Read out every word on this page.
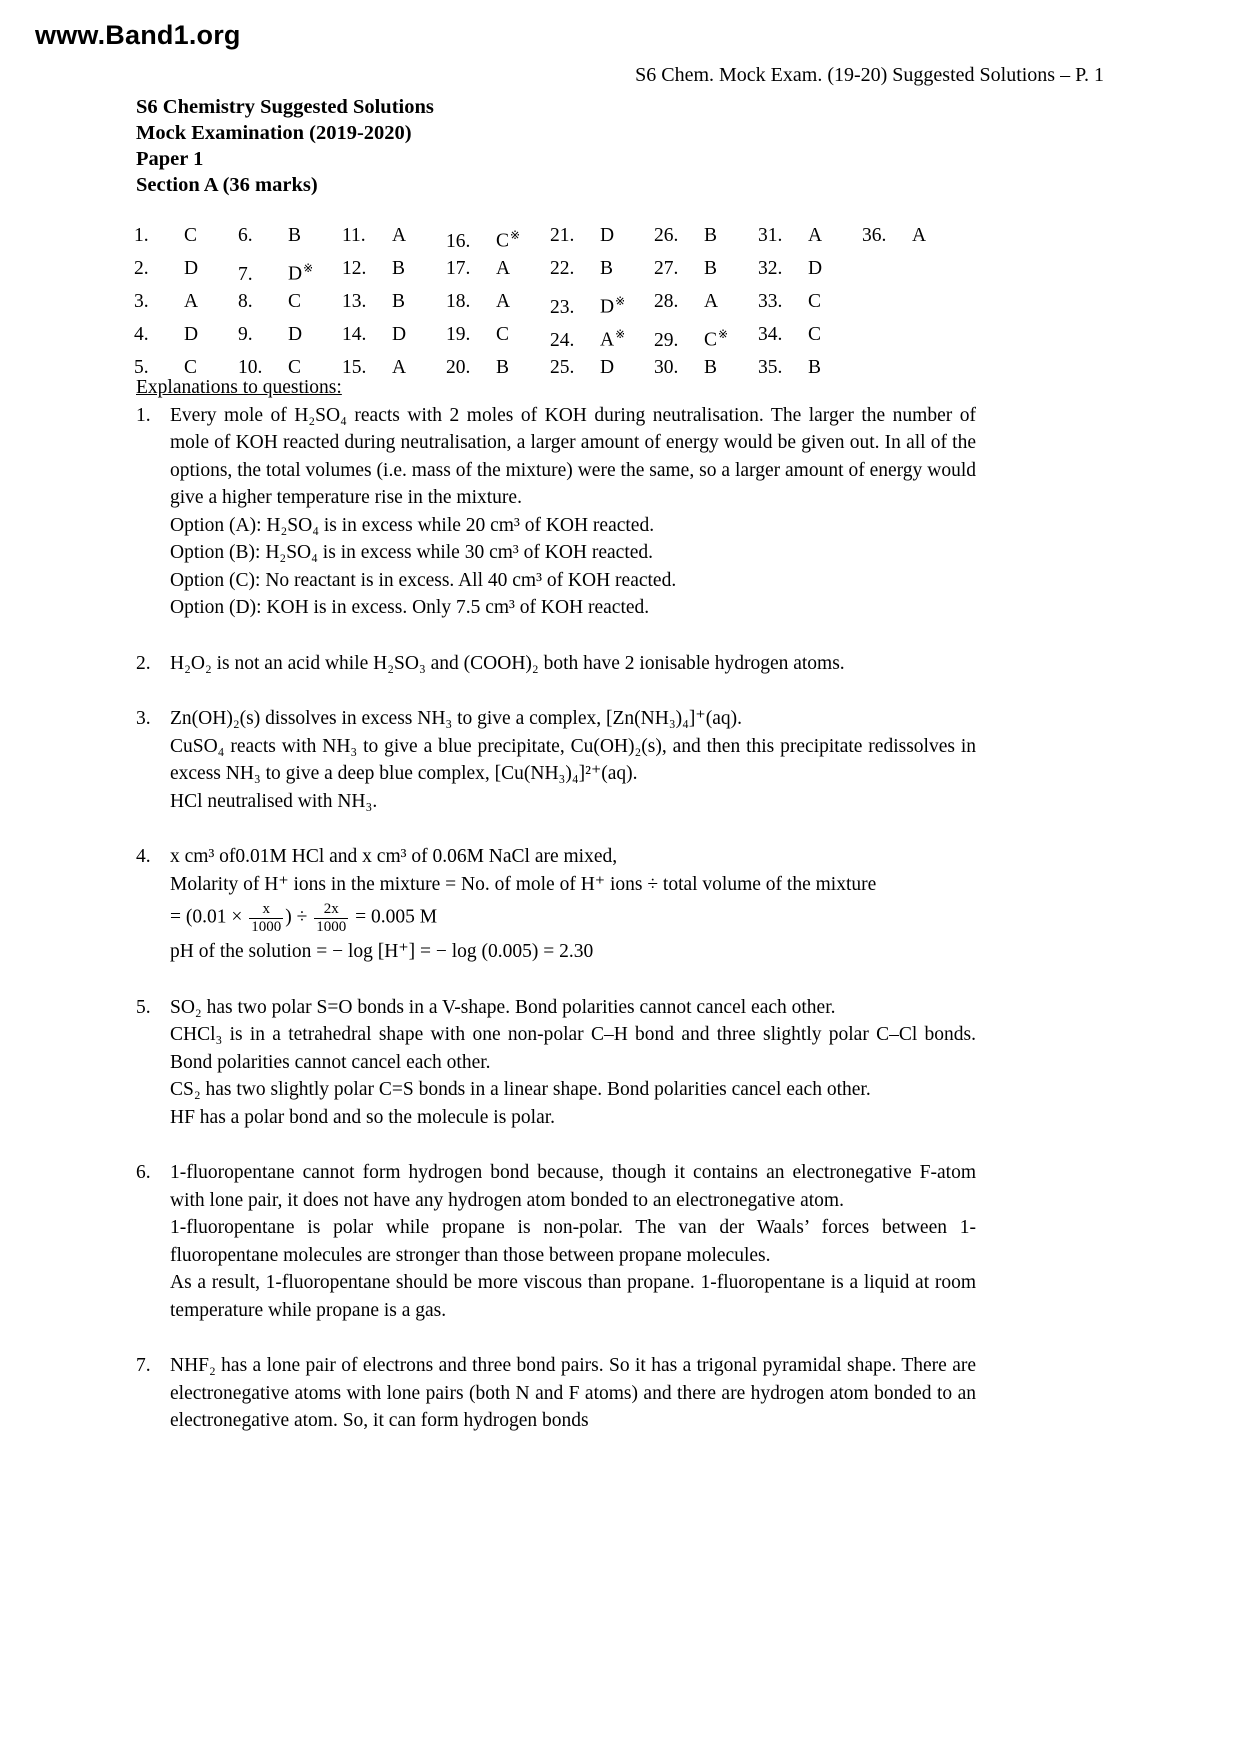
www.Band1.org
S6 Chem. Mock Exam. (19-20) Suggested Solutions – P. 1
S6 Chemistry Suggested Solutions
Mock Examination (2019-2020)
Paper 1
Section A (36 marks)
1. C	6. B	11. A	16. C※	21. D	26. B	31. A	36. A
2. D	7. D※	12. B	17. A	22. B	27. B	32. D
3. A	8. C	13. B	18. A	23. D※	28. A	33. C
4. D	9. D	14. D	19. C	24. A※	29. C※	34. C
5. C	10. C	15. A	20. B	25. D	30. B	35. B
Explanations to questions:
1. Every mole of H₂SO₄ reacts with 2 moles of KOH during neutralisation. The larger the number of mole of KOH reacted during neutralisation, a larger amount of energy would be given out. In all of the options, the total volumes (i.e. mass of the mixture) were the same, so a larger amount of energy would give a higher temperature rise in the mixture.
Option (A): H₂SO₄ is in excess while 20 cm³ of KOH reacted.
Option (B): H₂SO₄ is in excess while 30 cm³ of KOH reacted.
Option (C): No reactant is in excess. All 40 cm³ of KOH reacted.
Option (D): KOH is in excess. Only 7.5 cm³ of KOH reacted.
2. H₂O₂ is not an acid while H₂SO₃ and (COOH)₂ both have 2 ionisable hydrogen atoms.
3. Zn(OH)₂(s) dissolves in excess NH₃ to give a complex, [Zn(NH₃)₄]⁺(aq).
CuSO₄ reacts with NH₃ to give a blue precipitate, Cu(OH)₂(s), and then this precipitate redissolves in excess NH₃ to give a deep blue complex, [Cu(NH₃)₄]²⁺(aq).
HCl neutralised with NH₃.
4. x cm³ of0.01M HCl and x cm³ of 0.06M NaCl are mixed,
Molarity of H⁺ ions in the mixture = No. of mole of H⁺ ions ÷ total volume of the mixture
= ($0.01 \times \frac{x}{1000}$ ) ÷ $\frac{2x}{1000} = 0.005$ M
pH of the solution = − log [H⁺] = − log (0.005) = 2.30
5. SO₂ has two polar S=O bonds in a V-shape. Bond polarities cannot cancel each other.
CHCl₃ is in a tetrahedral shape with one non-polar C–H bond and three slightly polar C–Cl bonds. Bond polarities cannot cancel each other.
CS₂ has two slightly polar C=S bonds in a linear shape. Bond polarities cancel each other.
HF has a polar bond and so the molecule is polar.
6. 1-fluoropentane cannot form hydrogen bond because, though it contains an electronegative F-atom with lone pair, it does not have any hydrogen atom bonded to an electronegative atom.
1-fluoropentane is polar while propane is non-polar. The van der Waals’ forces between 1-fluoropentane molecules are stronger than those between propane molecules.
As a result, 1-fluoropentane should be more viscous than propane. 1-fluoropentane is a liquid at room temperature while propane is a gas.
7. NHF₂ has a lone pair of electrons and three bond pairs. So it has a trigonal pyramidal shape. There are electronegative atoms with lone pairs (both N and F atoms) and there are hydrogen atom bonded to an electronegative atom. So, it can form hydrogen bonds
